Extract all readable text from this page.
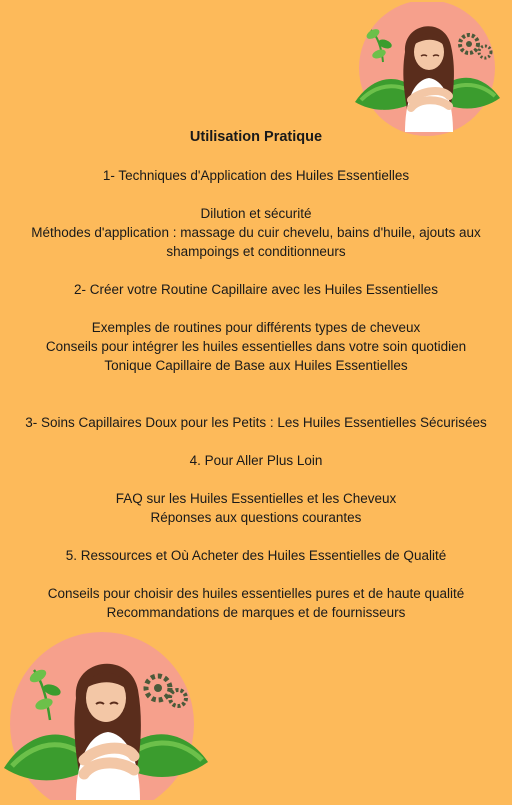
Utilisation Pratique

1- Techniques d'Application des Huiles Essentielles

Dilution et sécurité

Méthodes d'application : massage du cuir chevelu, bains d'huile, ajouts aux

shampoings et conditionneurs

2- Créer votre Routine Capillaire avec les Huiles Essentielles

Exemples de routines pour différents types de cheveux

Conseils pour intégrer les huiles essentielles dans votre soin quotidien

Tonique Capillaire de Base aux Huiles Essentielles

3- Soins Capillaires Doux pour les Petits : Les Huiles Essentielles Sécurisées

4. Pour Aller Plus Loin

FAQ sur les Huiles Essentielles et les Cheveux

Réponses aux questions courantes

5. Ressources et Où Acheter des Huiles Essentielles de Qualité

Conseils pour choisir des huiles essentielles pures et de haute qualité

Recommandations de marques et de fournisseurs
